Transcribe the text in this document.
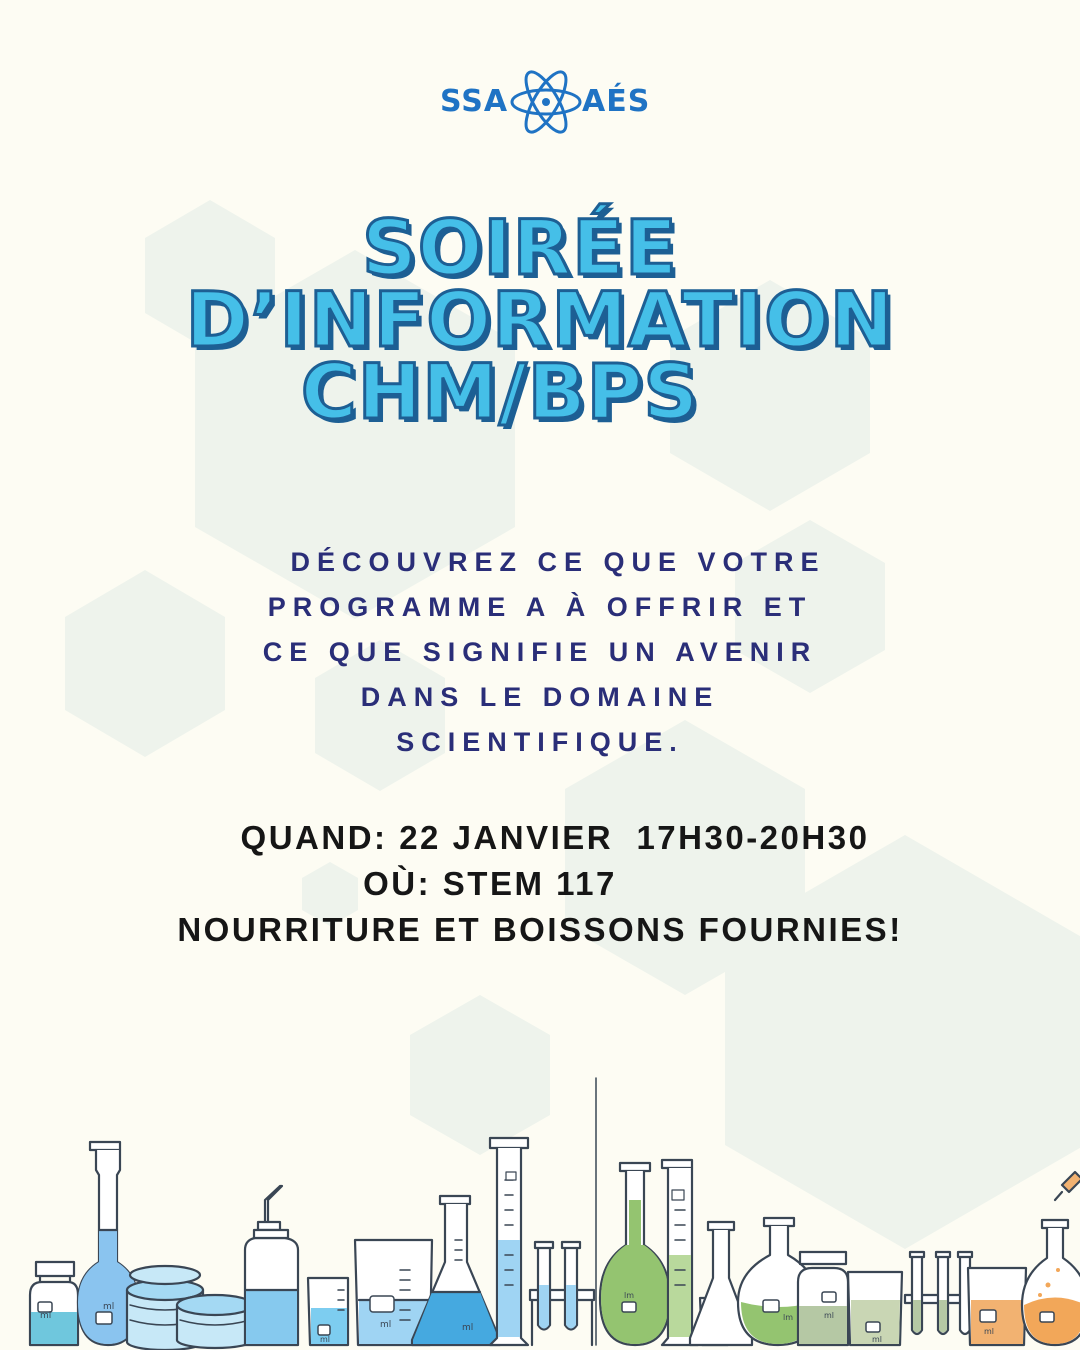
SSA AÉS
SOIRÉE
D’INFORMATION
CHM/BPS
DÉCOUVREZ CE QUE VOTRE
PROGRAMME A À OFFRIR ET
CE QUE SIGNIFIE UN AVENIR
DANS LE DOMAINE
SCIENTIFIQUE.
QUAND: 22 JANVIER  17H30-20H30
OÙ: STEM 117
NOURRITURE ET BOISSONS FOURNIES!
ml
ml
ml
ml	ml
lm
lm	ml
ml
ml
